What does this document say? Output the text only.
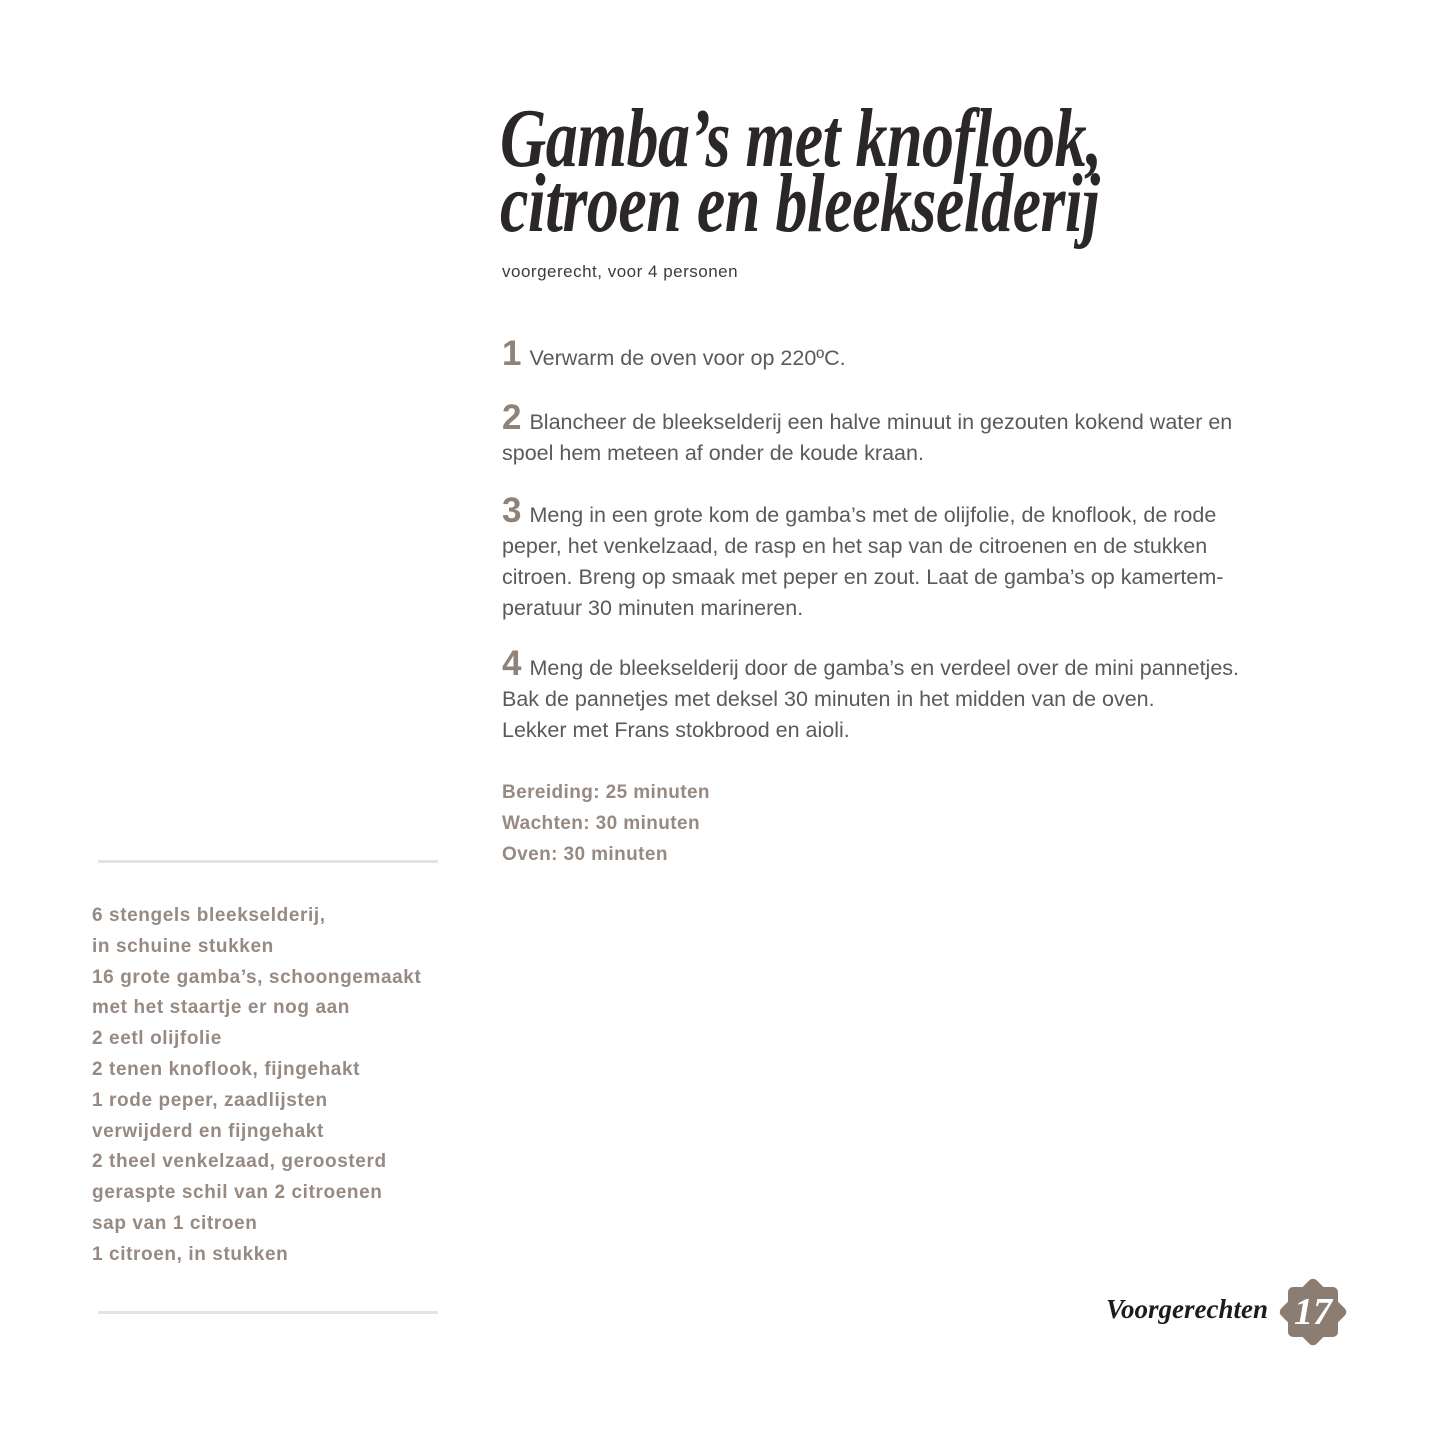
Gamba’s met knoflook,
citroen en bleekselderij
voorgerecht, voor 4 personen
1 Verwarm de oven voor op 220ºC.
2 Blancheer de bleekselderij een halve minuut in gezouten kokend water en
spoel hem meteen af onder de koude kraan.
3 Meng in een grote kom de gamba’s met de olijfolie, de knoflook, de rode
peper, het venkelzaad, de rasp en het sap van de citroenen en de stukken
citroen. Breng op smaak met peper en zout. Laat de gamba’s op kamertem-
peratuur 30 minuten marineren.
4 Meng de bleekselderij door de gamba’s en verdeel over de mini pannetjes.
Bak de pannetjes met deksel 30 minuten in het midden van de oven.
Lekker met Frans stokbrood en aioli.
Bereiding: 25 minuten
Wachten: 30 minuten
Oven: 30 minuten
6 stengels bleekselderij,
in schuine stukken
16 grote gamba’s, schoongemaakt
met het staartje er nog aan
2 eetl olijfolie
2 tenen knoflook, fijngehakt
1 rode peper, zaadlijsten
verwijderd en fijngehakt
2 theel venkelzaad, geroosterd
geraspte schil van 2 citroenen
sap van 1 citroen
1 citroen, in stukken
Voorgerechten 17
